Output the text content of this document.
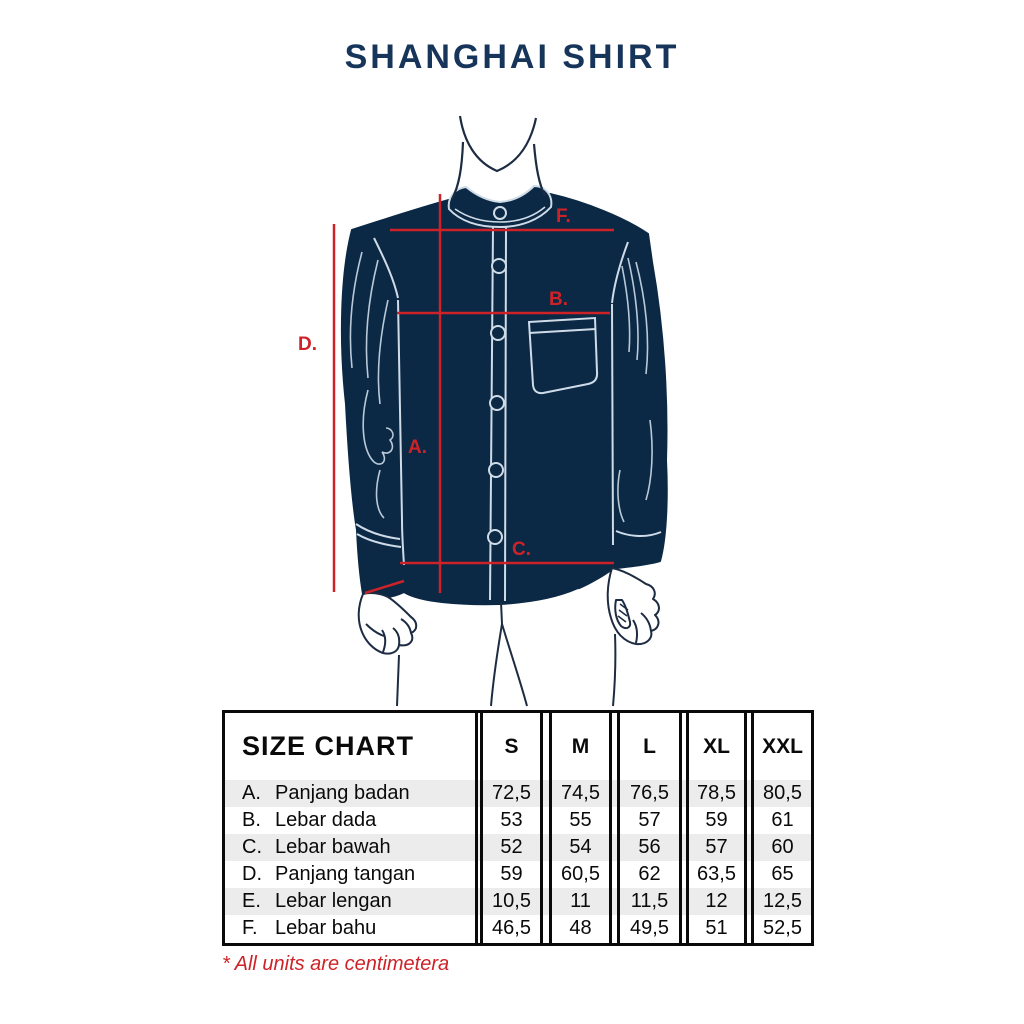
SHANGHAI SHIRT
F.
B.
D.
A.
C.
SIZE CHART
A. Panjang badan
B. Lebar dada
C. Lebar bawah
D. Panjang tangan
E. Lebar lengan
F. Lebar bahu
S
72,5
53
52
59
10,5
46,5
M
74,5
55
54
60,5
11
48
L
76,5
57
56
62
11,5
49,5
XL
78,5
59
57
63,5
12
51
XXL
80,5
61
60
65
12,5
52,5
* All units are centimetera
